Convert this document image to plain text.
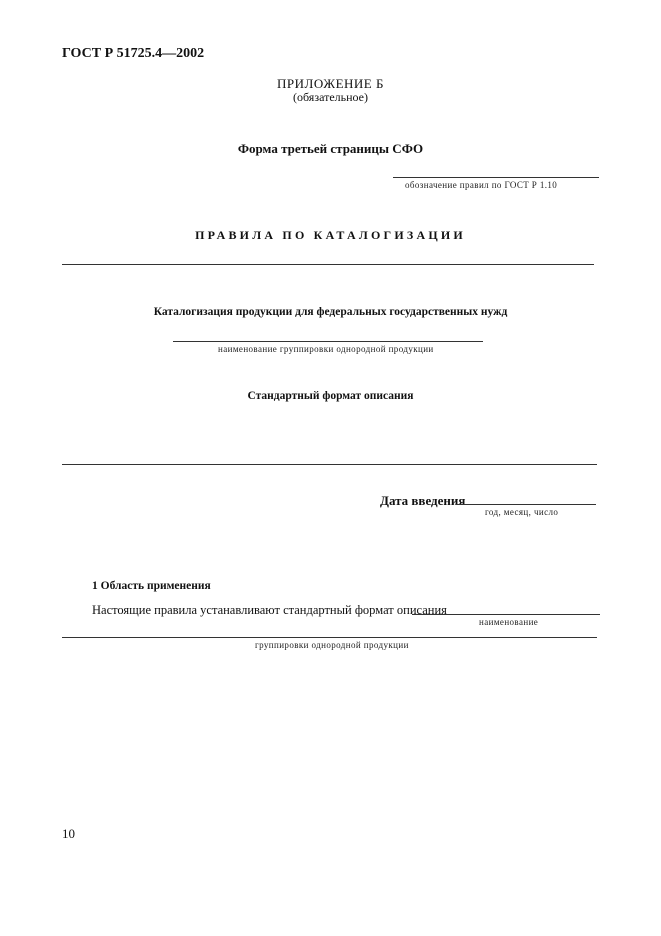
ГОСТ Р 51725.4—2002
ПРИЛОЖЕНИЕ Б
(обязательное)
Форма третьей страницы СФО
обозначение правил по ГОСТ Р 1.10
ПРАВИЛА ПО КАТАЛОГИЗАЦИИ
Каталогизация продукции для федеральных государственных нужд
наименование группировки однородной продукции
Стандартный формат описания
Дата введения
год, месяц, число
1 Область применения
Настоящие правила устанавливают стандартный формат описания
наименование
группировки однородной продукции
10
